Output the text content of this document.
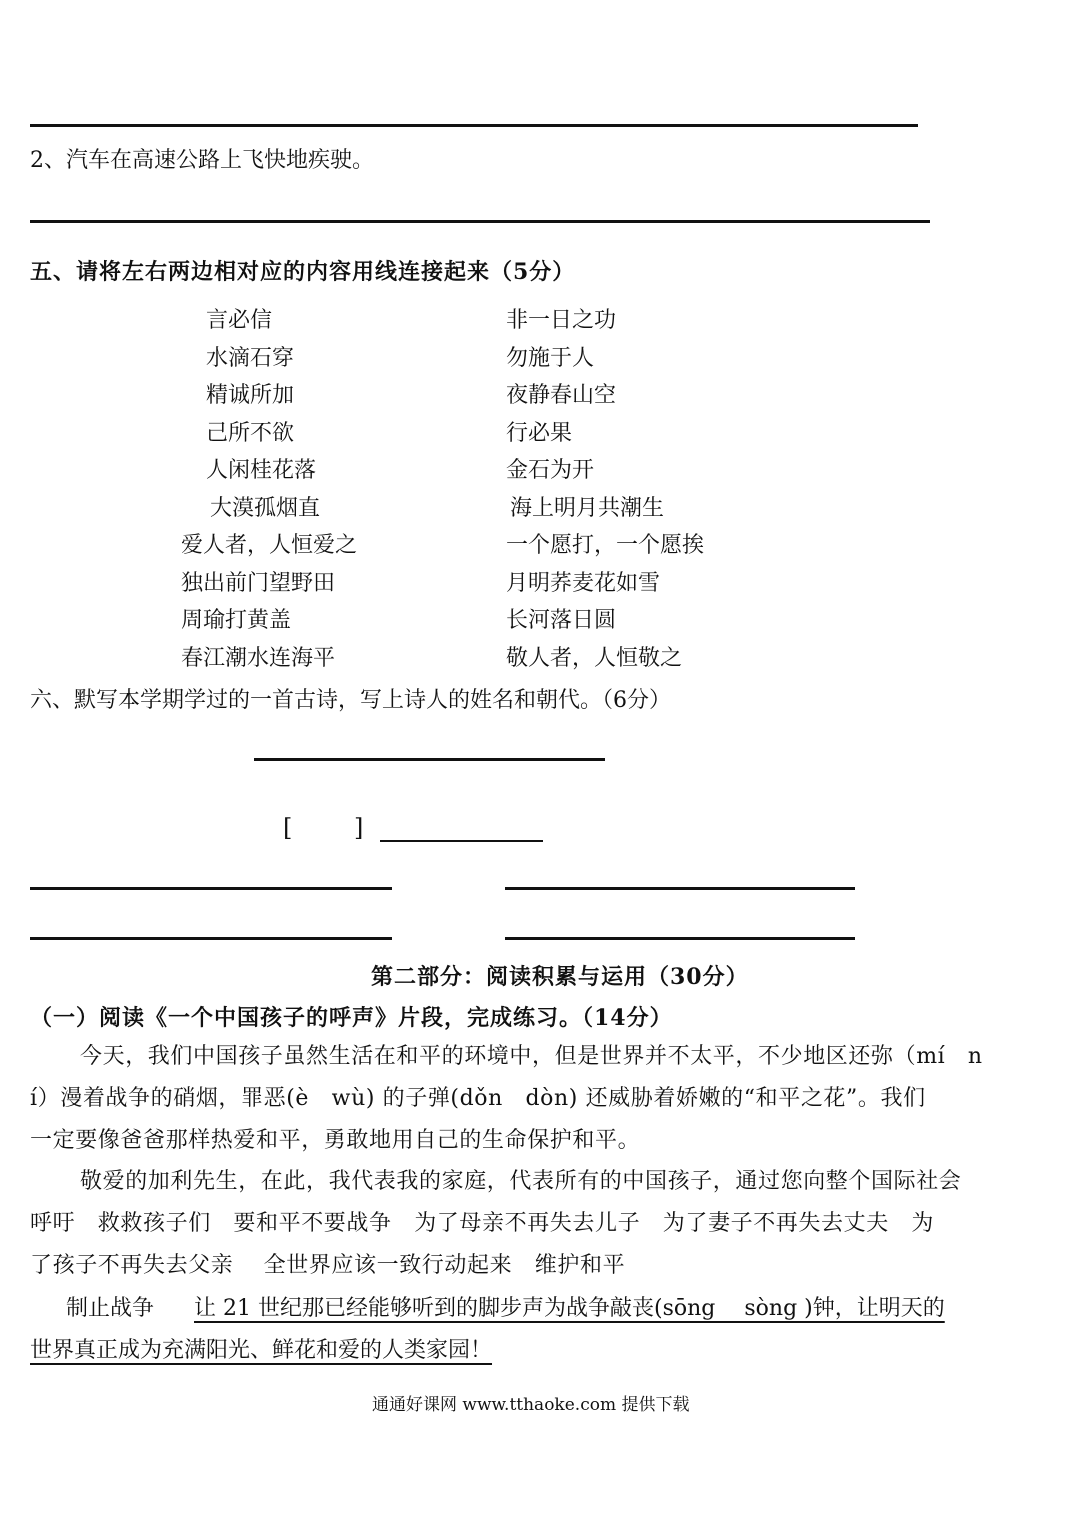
2、汽车在高速公路上飞快地疾驶。
五、请将左右两边相对应的内容用线连接起来（5分）
言必信
水滴石穿
精诚所加
己所不欲
人闲桂花落
大漠孤烟直
爱人者，人恒爱之
独出前门望野田
周瑜打黄盖
春江潮水连海平
非一日之功
勿施于人
夜静春山空
行必果
金石为开
海上明月共潮生
一个愿打，一个愿挨
月明荞麦花如雪
长河落日圆
敬人者，人恒敬之
六、默写本学期学过的一首古诗，写上诗人的姓名和朝代。（6分）
[	]
第二部分：阅读积累与运用（30分）
（一）阅读《一个中国孩子的呼声》片段，完成练习。（14分）
今天，我们中国孩子虽然生活在和平的环境中，但是世界并不太平，不少地区还弥（mí　n
í）漫着战争的硝烟，罪恶(è　wù) 的子弹(dǒn　dòn) 还威胁着娇嫩的“和平之花”。我们
一定要像爸爸那样热爱和平，勇敢地用自己的生命保护和平。
敬爱的加利先生，在此，我代表我的家庭，代表所有的中国孩子，通过您向整个国际社会
呼吁　救救孩子们　要和平不要战争　为了母亲不再失去儿子　为了妻子不再失去丈夫　为
了孩子不再失去父亲　 全世界应该一致行动起来　维护和平
制止战争 让 21 世纪那已经能够听到的脚步声为战争敲丧(sōng　 sòng )钟，让明天的
世界真正成为充满阳光、鲜花和爱的人类家园！
通通好课网 www.tthaoke.com 提供下载
